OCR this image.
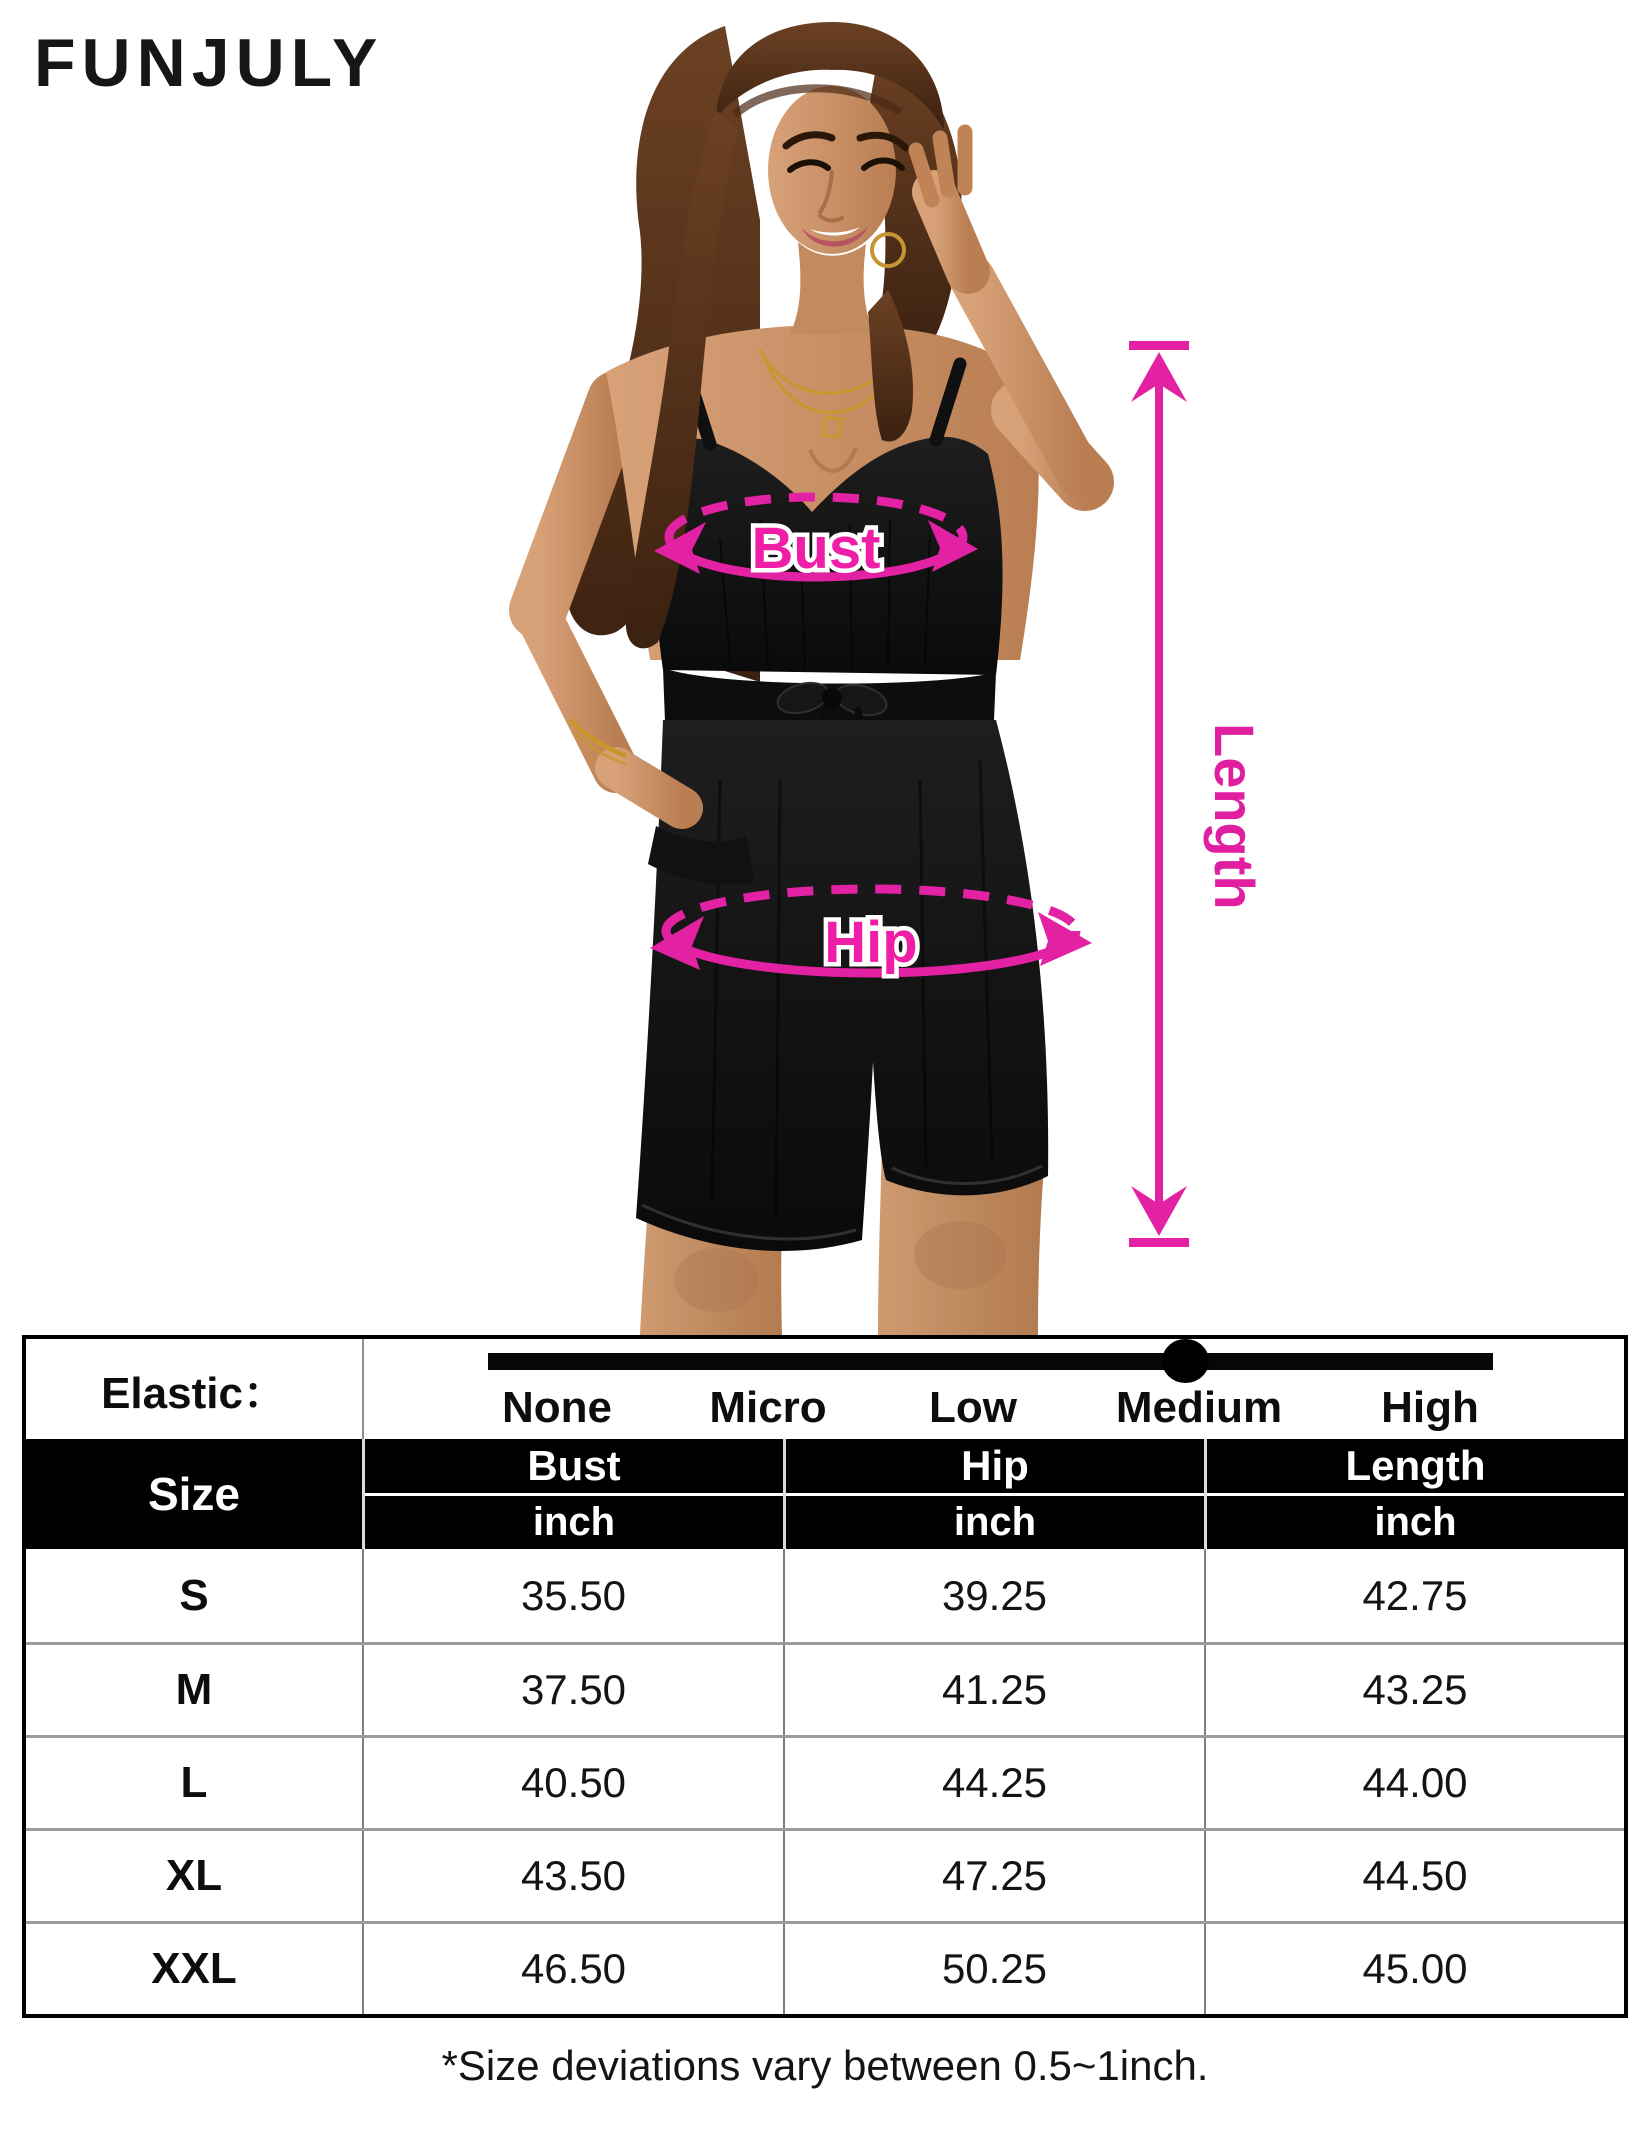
FUNJULY
Bust
Hip
Length
Elastic：	None Micro Low Medium High
Size
Bust
inch
Hip
inch
Length
inch
S	35.50	39.25	42.75
M	37.50	41.25	43.25
L	40.50	44.25	44.00
XL	43.50	47.25	44.50
XXL	46.50	50.25	45.00
*Size deviations vary between 0.5~1inch.
